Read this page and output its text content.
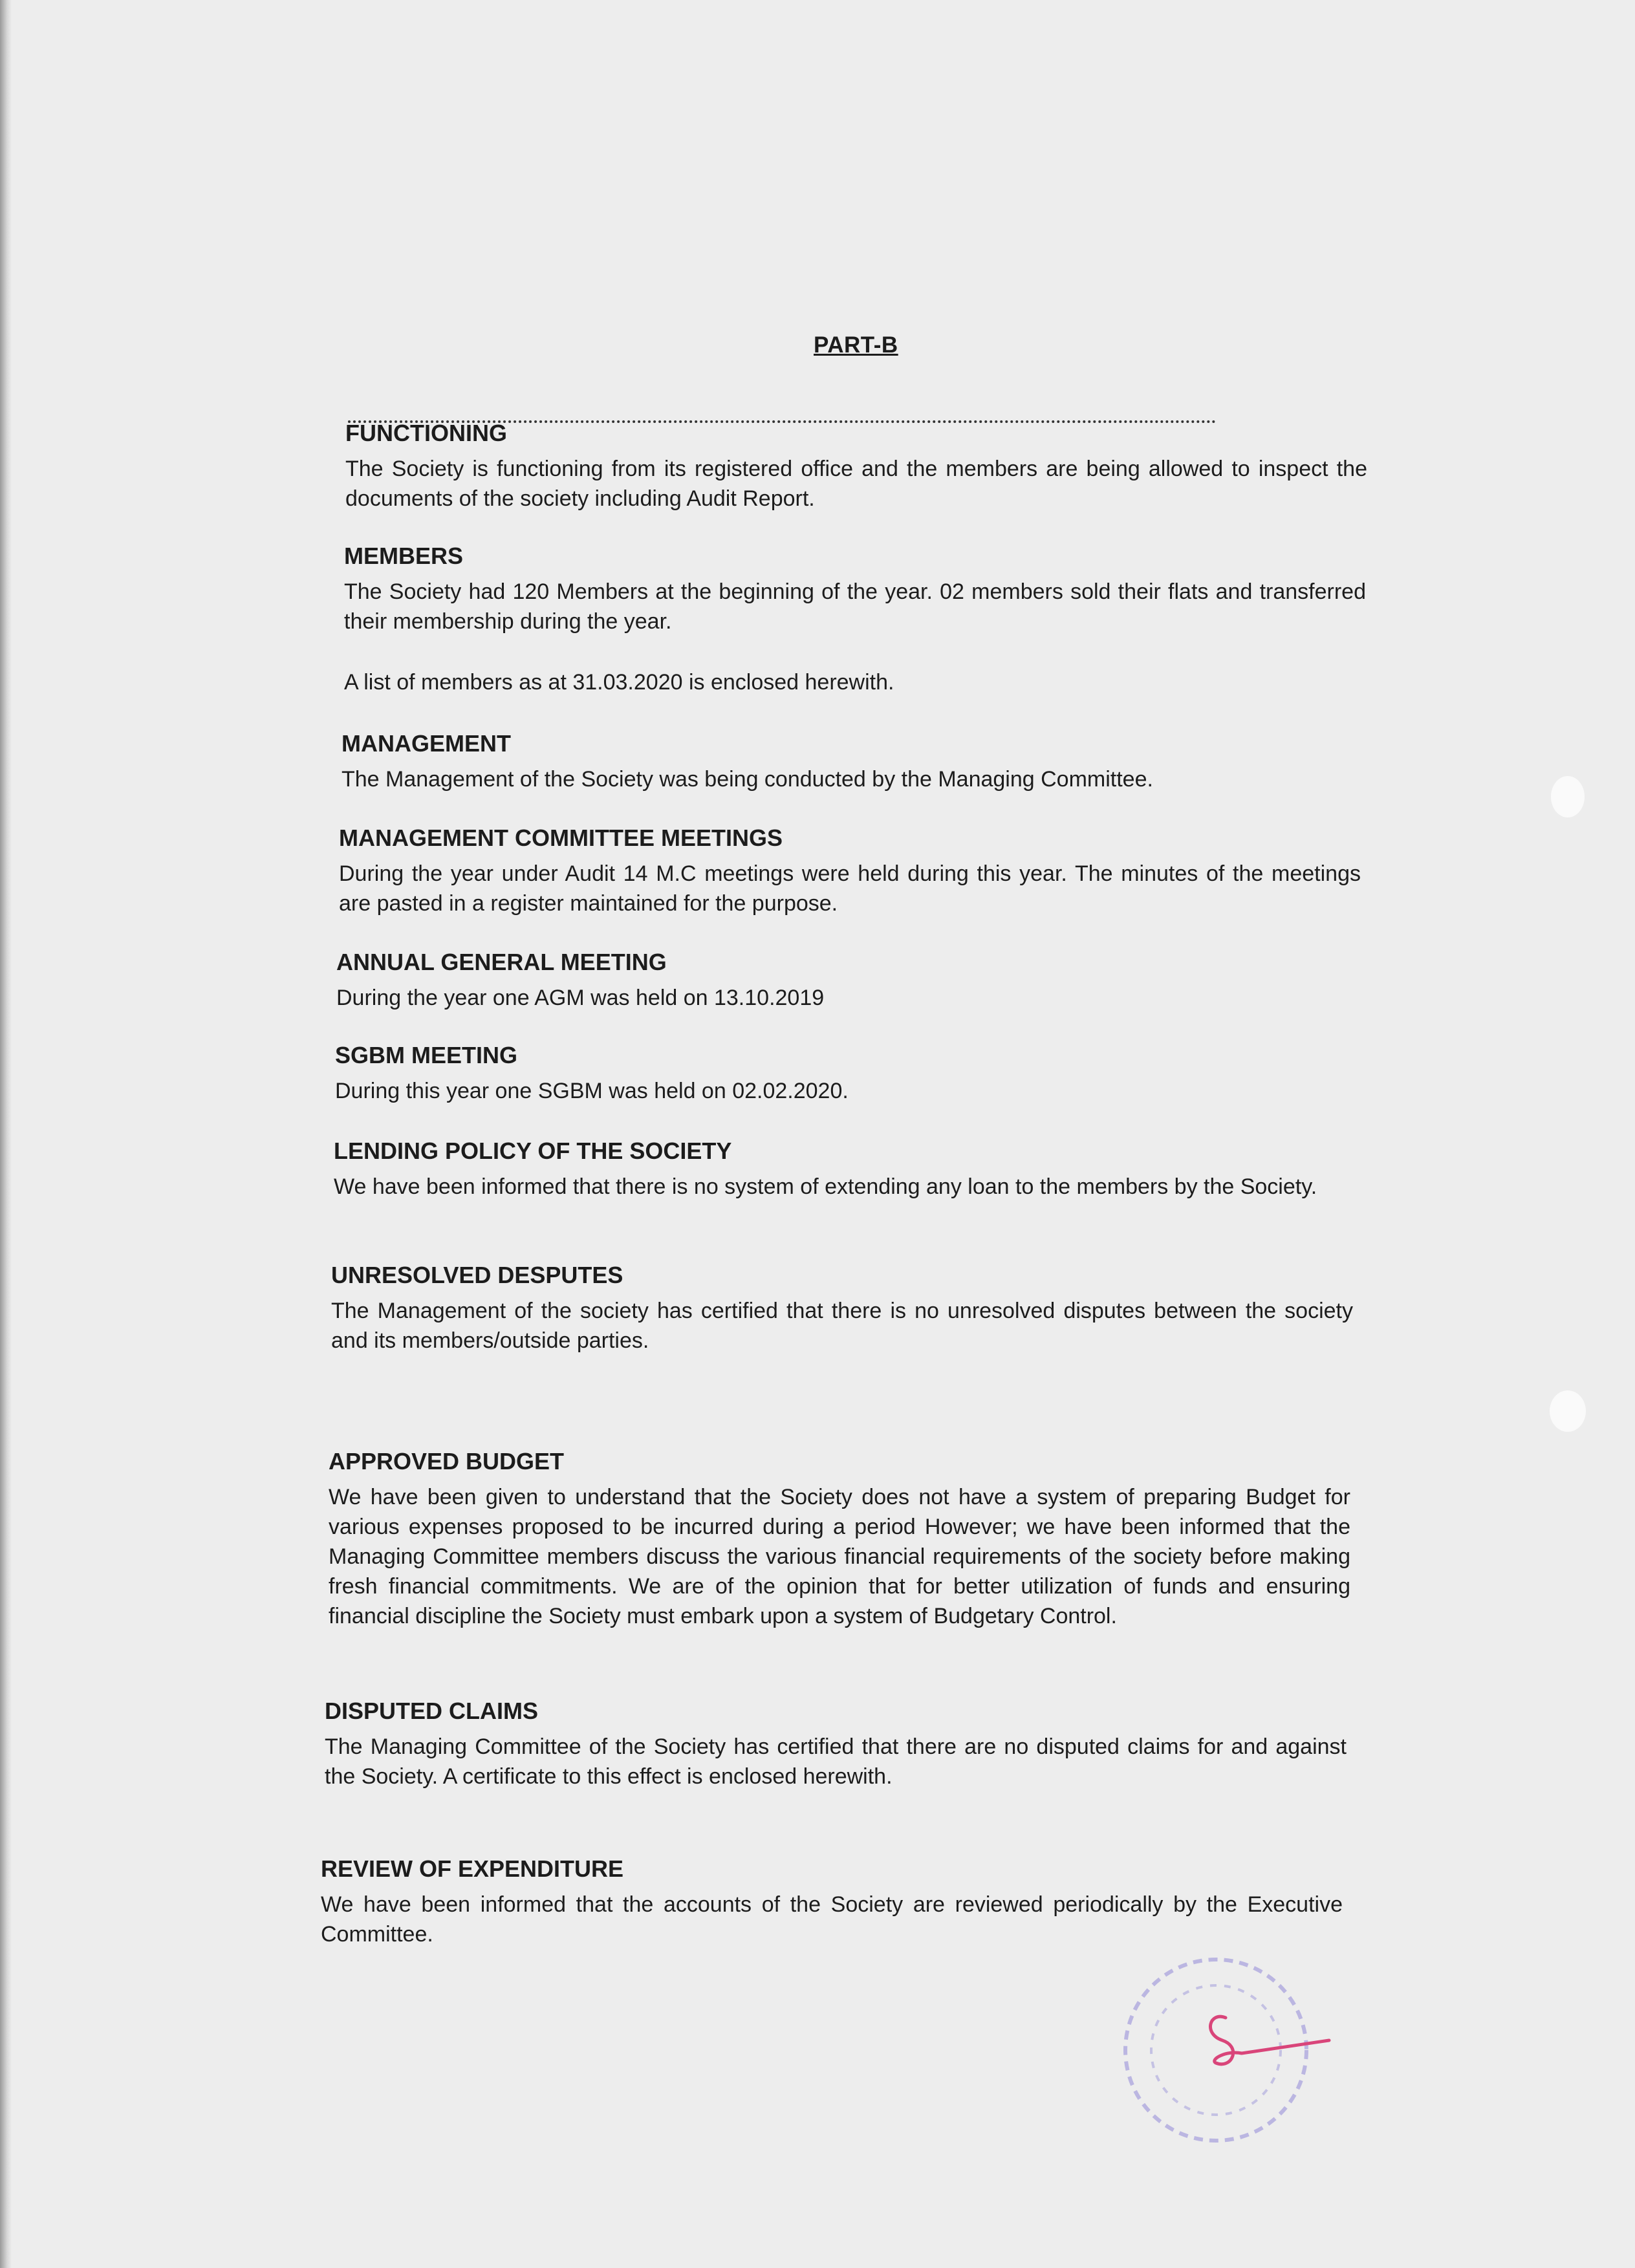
PART-B
FUNCTIONING

The Society is functioning from its registered office and the members are being allowed to inspect the documents of the society including Audit Report.

MEMBERS

The Society had 120 Members at the beginning of the year. 02 members sold their flats and transferred their membership during the year.

A list of members as at 31.03.2020 is enclosed herewith.

MANAGEMENT

The Management of the Society was being conducted by the Managing Committee.

MANAGEMENT COMMITTEE MEETINGS

During the year under Audit 14 M.C meetings were held during this year. The minutes of the meetings are pasted in a register maintained for the purpose.

ANNUAL GENERAL MEETING

During the year one AGM was held on 13.10.2019

SGBM MEETING

During this year one SGBM was held on 02.02.2020.

LENDING POLICY OF THE SOCIETY

We have been informed that there is no system of extending any loan to the members by the Society.

UNRESOLVED DESPUTES

The Management of the society has certified that there is no unresolved disputes between the society and its members/outside parties.

APPROVED BUDGET

We have been given to understand that the Society does not have a system of preparing Budget for various expenses proposed to be incurred during a period However; we have been informed that the Managing Committee members discuss the various financial requirements of the society before making fresh financial commitments. We are of the opinion that for better utilization of funds and ensuring financial discipline the Society must embark upon a system of Budgetary Control.

DISPUTED CLAIMS

The Managing Committee of the Society has certified that there are no disputed claims for and against the Society. A certificate to this effect is enclosed herewith.

REVIEW OF EXPENDITURE

We have been informed that the accounts of the Society are reviewed periodically by the Executive Committee.
